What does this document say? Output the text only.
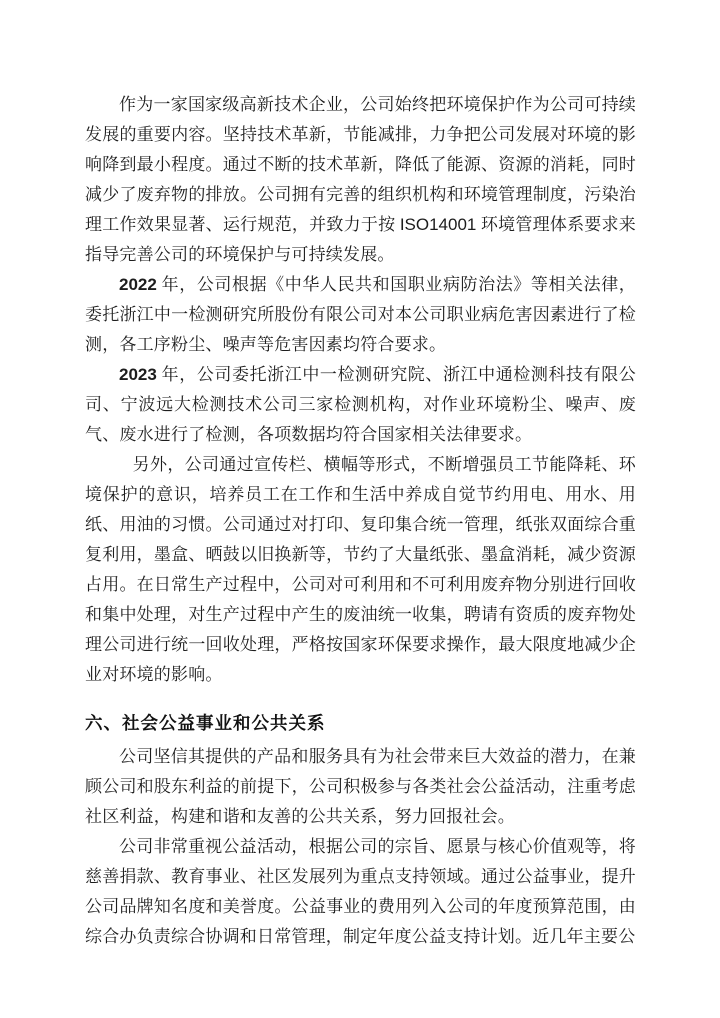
作为一家国家级高新技术企业，公司始终把环境保护作为公司可持续发展的重要内容。坚持技术革新，节能减排，力争把公司发展对环境的影响降到最小程度。通过不断的技术革新，降低了能源、资源的消耗，同时减少了废弃物的排放。公司拥有完善的组织机构和环境管理制度，污染治理工作效果显著、运行规范，并致力于按 ISO14001 环境管理体系要求来指导完善公司的环境保护与可持续发展。

2022 年，公司根据《中华人民共和国职业病防治法》等相关法律，委托浙江中一检测研究所股份有限公司对本公司职业病危害因素进行了检测，各工序粉尘、噪声等危害因素均符合要求。

2023 年，公司委托浙江中一检测研究院、浙江中通检测科技有限公司、宁波远大检测技术公司三家检测机构，对作业环境粉尘、噪声、废气、废水进行了检测，各项数据均符合国家相关法律要求。

另外，公司通过宣传栏、横幅等形式，不断增强员工节能降耗、环境保护的意识，培养员工在工作和生活中养成自觉节约用电、用水、用纸、用油的习惯。公司通过对打印、复印集合统一管理，纸张双面综合重复利用，墨盒、晒鼓以旧换新等，节约了大量纸张、墨盒消耗，减少资源占用。在日常生产过程中，公司对可利用和不可利用废弃物分别进行回收和集中处理，对生产过程中产生的废油统一收集，聘请有资质的废弃物处理公司进行统一回收处理，严格按国家环保要求操作，最大限度地减少企业对环境的影响。

六、社会公益事业和公共关系

公司坚信其提供的产品和服务具有为社会带来巨大效益的潜力，在兼顾公司和股东利益的前提下，公司积极参与各类社会公益活动，注重考虑社区利益，构建和谐和友善的公共关系，努力回报社会。

公司非常重视公益活动，根据公司的宗旨、愿景与核心价值观等，将慈善捐款、教育事业、社区发展列为重点支持领域。通过公益事业，提升公司品牌知名度和美誉度。公益事业的费用列入公司的年度预算范围，由综合办负责综合协调和日常管理，制定年度公益支持计划。近几年主要公
